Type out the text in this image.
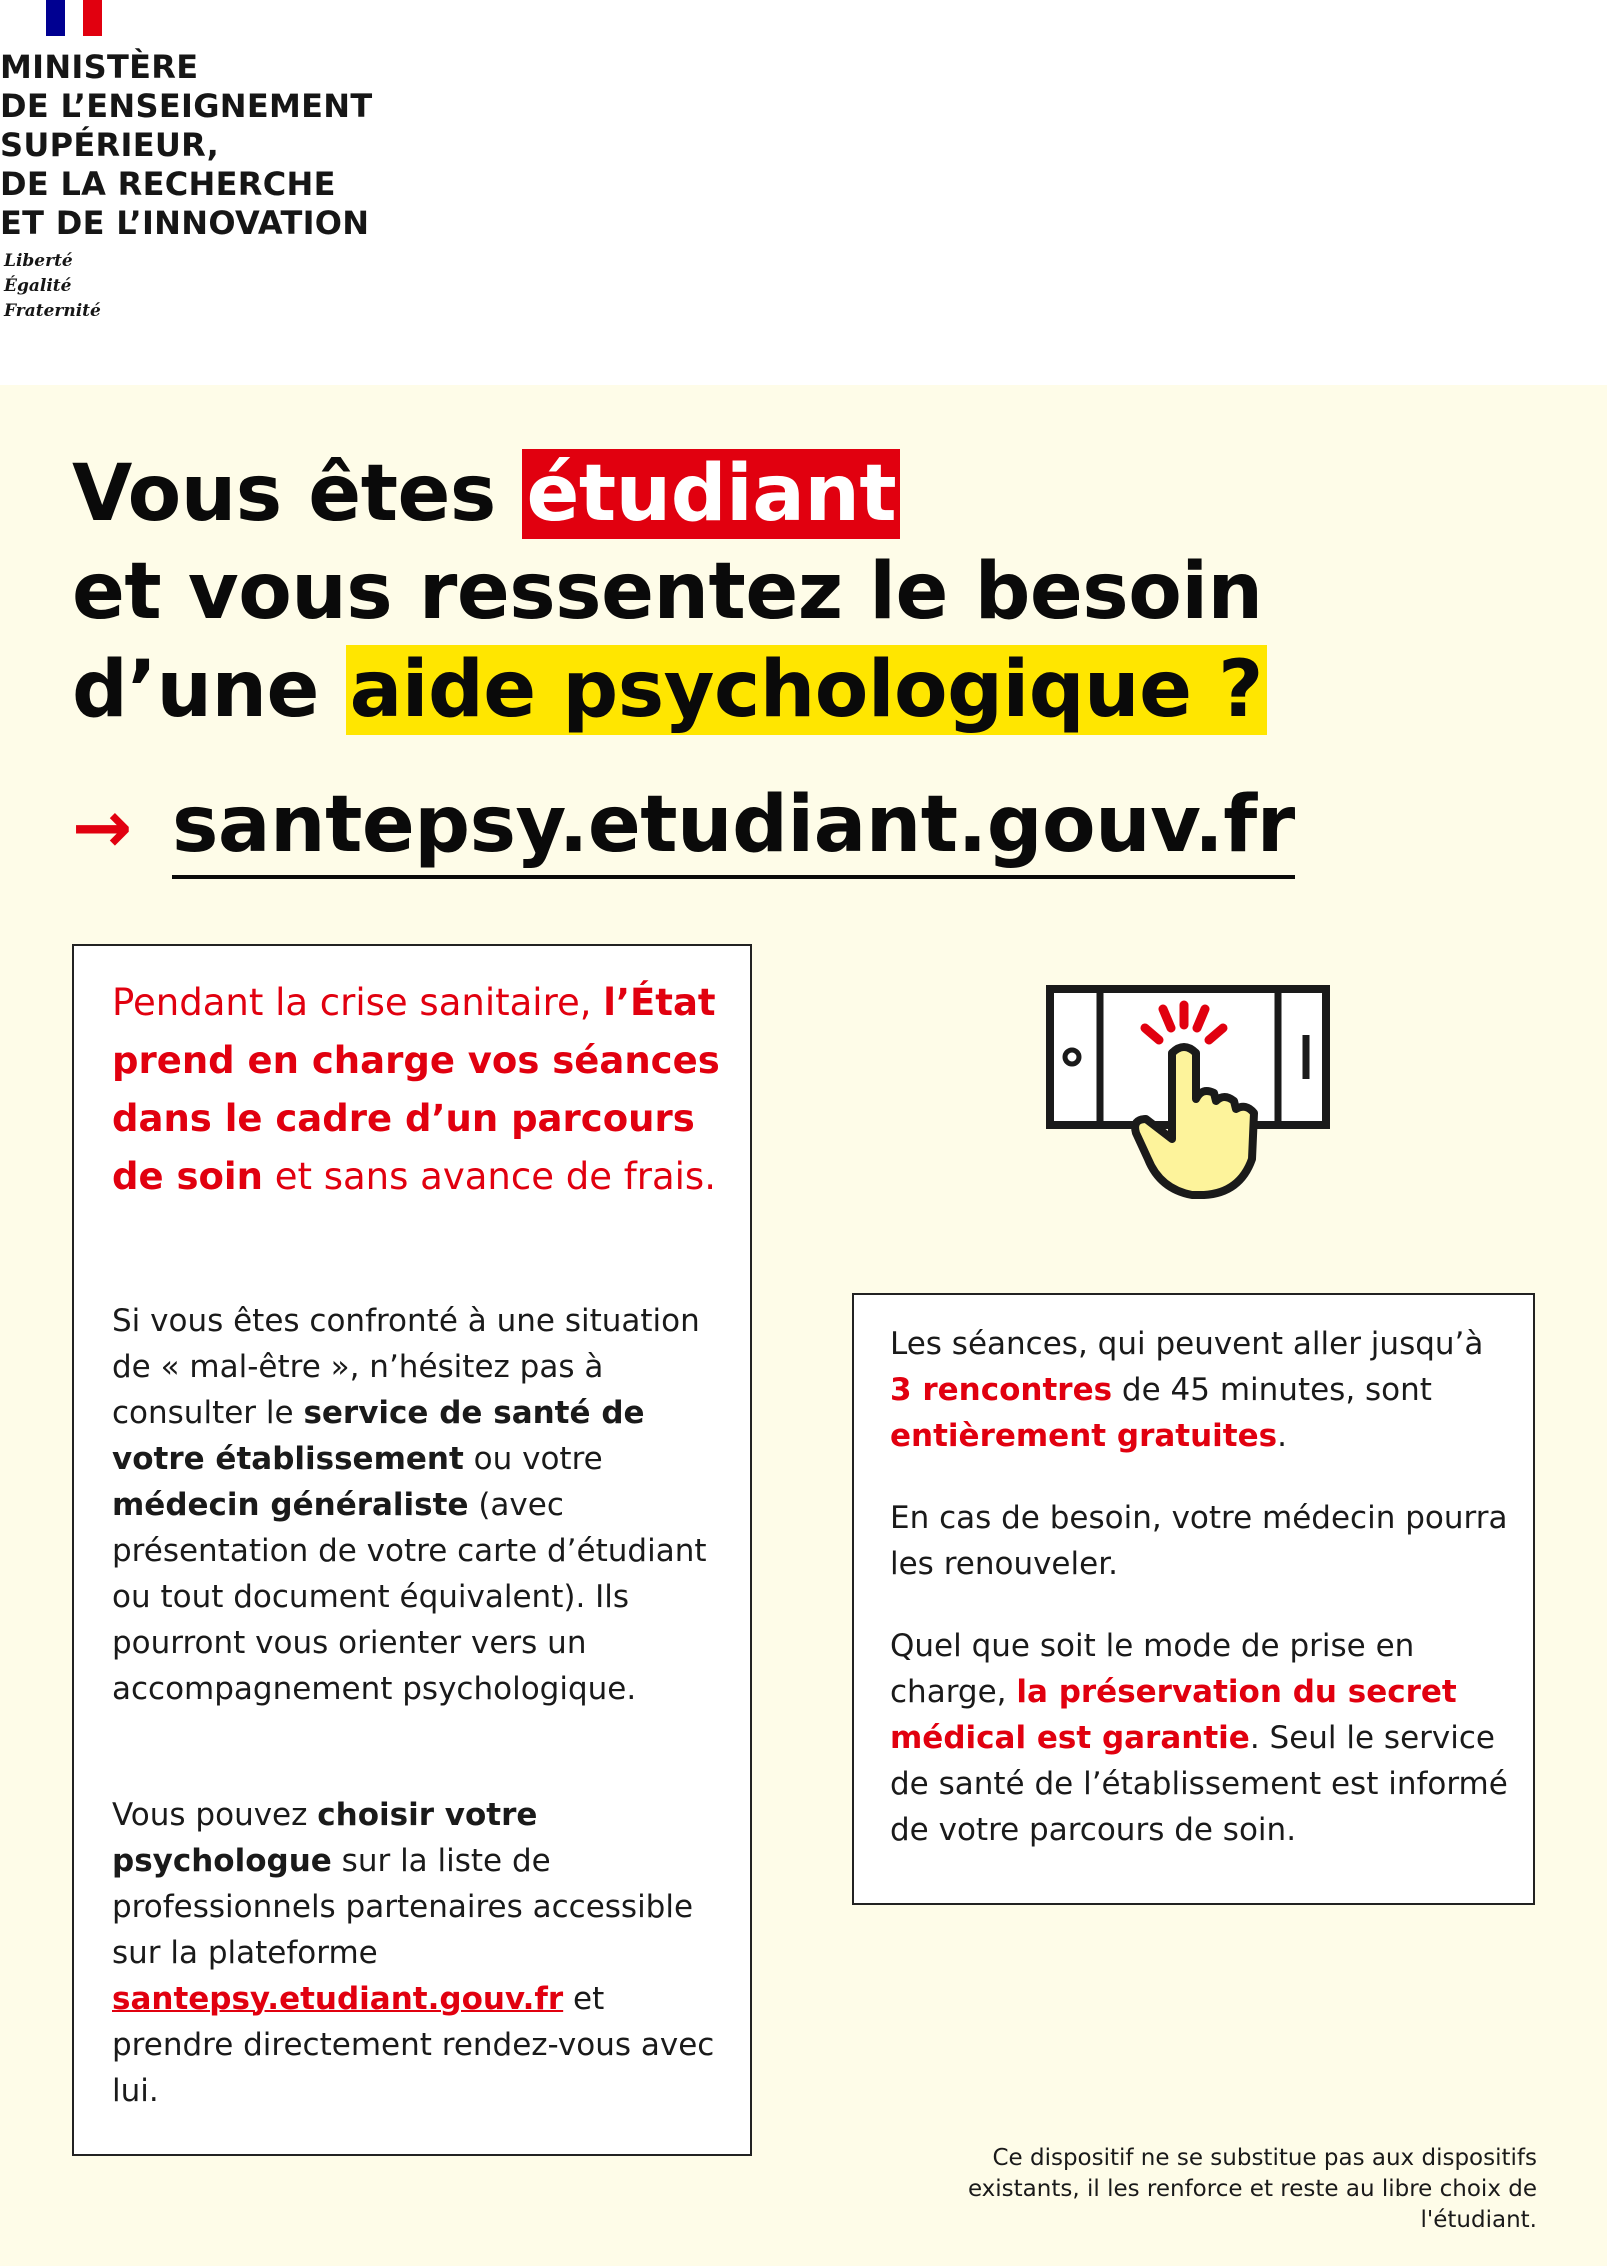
MINISTÈRE
DE L’ENSEIGNEMENT
SUPÉRIEUR,
DE LA RECHERCHE
ET DE L’INNOVATION
Liberté
Égalité
Fraternité
Vous êtes étudiant
et vous ressentez le besoin
d’une aide psychologique ?
→ santepsy.etudiant.gouv.fr
Pendant la crise sanitaire, l’État prend en charge vos séances dans le cadre d’un parcours de soin et sans avance de frais.
Si vous êtes confronté à une situation de « mal-être », n’hésitez pas à consulter le service de santé de votre établissement ou votre médecin généraliste (avec présentation de votre carte d’étudiant ou tout document équivalent). Ils pourront vous orienter vers un accompagnement psychologique.
Vous pouvez choisir votre psychologue sur la liste de professionnels partenaires accessible sur la plateforme santepsy.etudiant.gouv.fr et prendre directement rendez-vous avec lui.
Les séances, qui peuvent aller jusqu’à 3 rencontres de 45 minutes, sont entièrement gratuites.
En cas de besoin, votre médecin pourra les renouveler.
Quel que soit le mode de prise en charge, la préservation du secret médical est garantie. Seul le service de santé de l’établissement est informé de votre parcours de soin.
Ce dispositif ne se substitue pas aux dispositifs existants, il les renforce et reste au libre choix de l'étudiant.
